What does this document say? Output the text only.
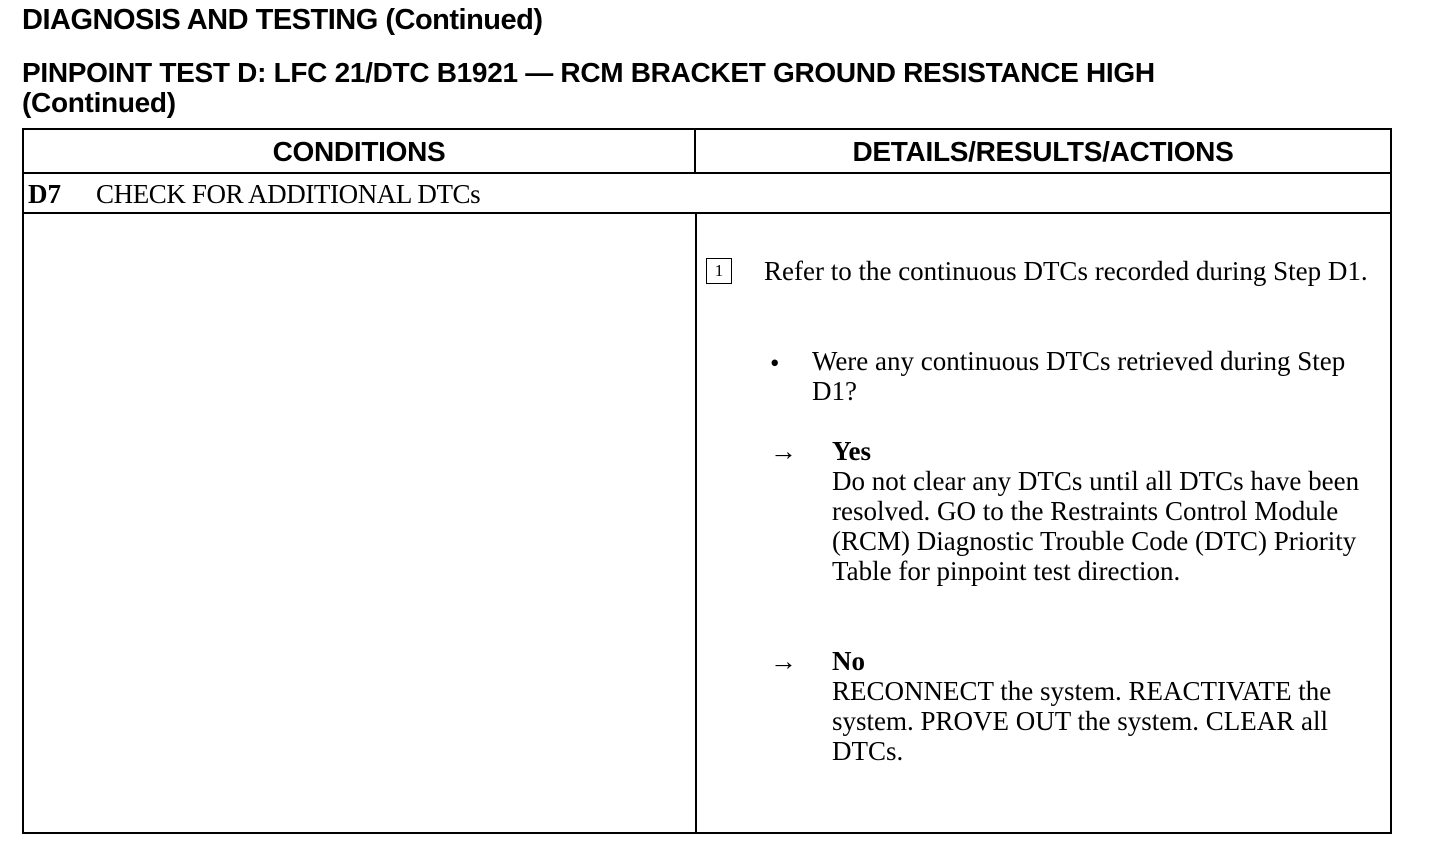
DIAGNOSIS AND TESTING (Continued)
PINPOINT TEST D: LFC 21/DTC B1921 — RCM BRACKET GROUND RESISTANCE HIGH
(Continued)
CONDITIONS	DETAILS/RESULTS/ACTIONS
D7 CHECK FOR ADDITIONAL DTCs
1	Refer to the continuous DTCs recorded during Step D1.
•	Were any continuous DTCs retrieved during Step D1?
→	Yes
Do not clear any DTCs until all DTCs have been resolved. GO to the Restraints Control Module (RCM) Diagnostic Trouble Code (DTC) Priority Table for pinpoint test direction.
→	No
RECONNECT the system. REACTIVATE the system. PROVE OUT the system. CLEAR all DTCs.
